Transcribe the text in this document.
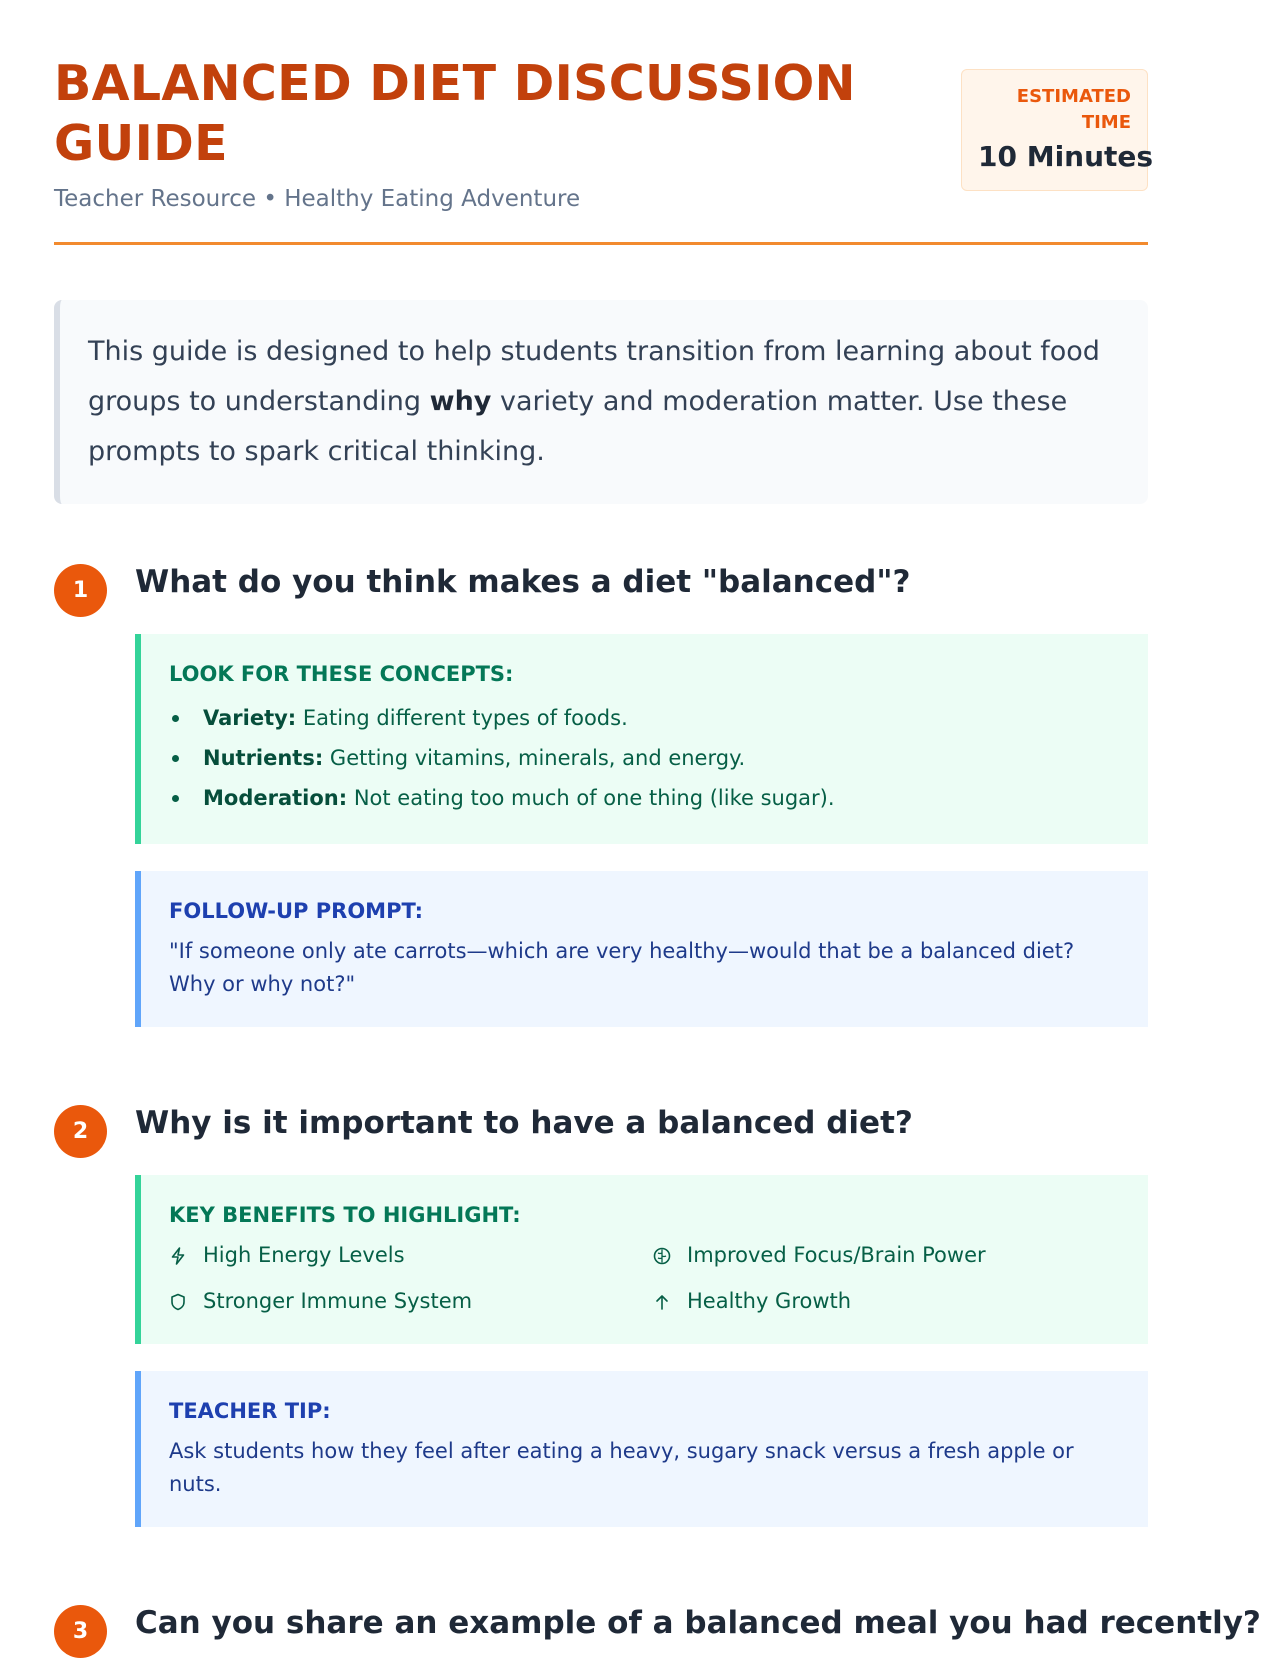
BALANCED DIET DISCUSSION GUIDE
Teacher Resource • Healthy Eating Adventure
ESTIMATED TIME
10 Minutes
This guide is designed to help students transition from learning about food groups to understanding why variety and moderation matter. Use these prompts to spark critical thinking.
1	What do you think makes a diet "balanced"?
LOOK FOR THESE CONCEPTS:
Variety: Eating different types of foods.
Nutrients: Getting vitamins, minerals, and energy.
Moderation: Not eating too much of one thing (like sugar).
FOLLOW-UP PROMPT:
"If someone only ate carrots—which are very healthy—would that be a balanced diet? Why or why not?"
2	Why is it important to have a balanced diet?
KEY BENEFITS TO HIGHLIGHT:
High Energy Levels	Improved Focus/Brain Power
Stronger Immune System	Healthy Growth
TEACHER TIP:
Ask students how they feel after eating a heavy, sugary snack versus a fresh apple or nuts.
3	Can you share an example of a balanced meal you had recently?
